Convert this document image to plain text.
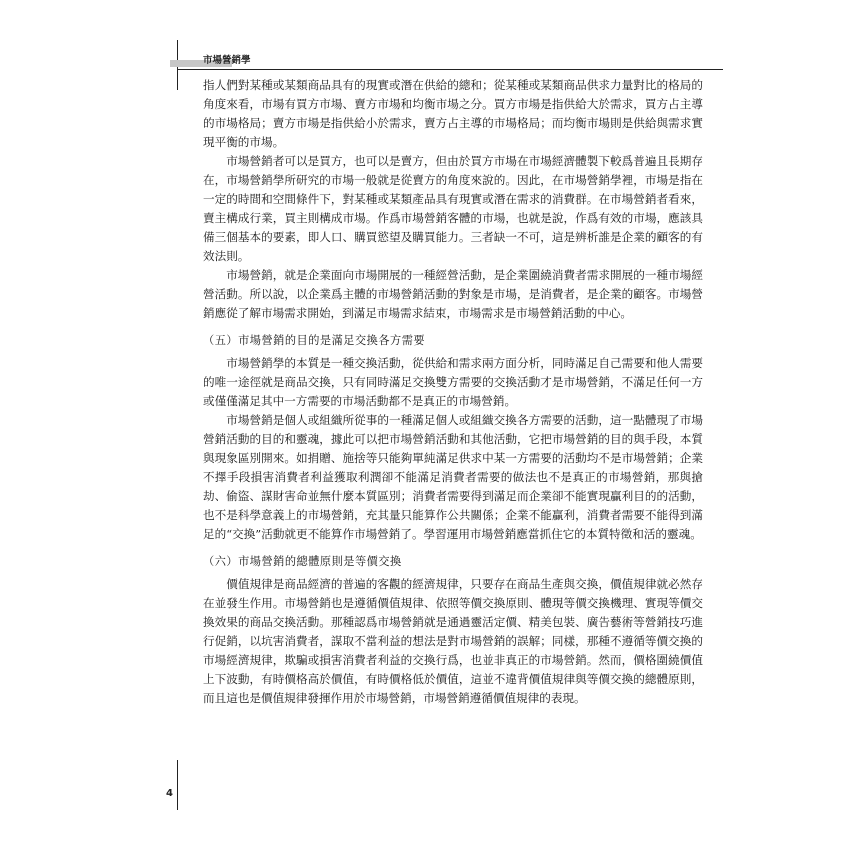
市場營銷學

指人們對某種或某類商品具有的現實或潛在供給的總和；從某種或某類商品供求力量對比的格局的角度來看，市場有買方市場、賣方市場和均衡市場之分。買方市場是指供給大於需求，買方占主導的市場格局；賣方市場是指供給小於需求，賣方占主導的市場格局；而均衡市場則是供給與需求實現平衡的市場。

市場營銷者可以是買方，也可以是賣方，但由於買方市場在市場經濟體製下較爲普遍且長期存在，市場營銷學所研究的市場一般就是從賣方的角度來說的。因此，在市場營銷學裡，市場是指在一定的時間和空間條件下，對某種或某類產品具有現實或潛在需求的消費群。在市場營銷者看來，賣主構成行業，買主則構成市場。作爲市場營銷客體的市場，也就是說，作爲有效的市場，應該具備三個基本的要素，即人口、購買慾望及購買能力。三者缺一不可，這是辨析誰是企業的顧客的有效法則。

市場營銷，就是企業面向市場開展的一種經營活動，是企業圍繞消費者需求開展的一種市場經營活動。所以說，以企業爲主體的市場營銷活動的對象是市場，是消費者，是企業的顧客。市場營銷應從了解市場需求開始，到滿足市場需求結束，市場需求是市場營銷活動的中心。

（五）市場營銷的目的是滿足交換各方需要

市場營銷學的本質是一種交換活動，從供給和需求兩方面分析，同時滿足自己需要和他人需要的唯一途徑就是商品交換，只有同時滿足交換雙方需要的交換活動才是市場營銷，不滿足任何一方或僅僅滿足其中一方需要的市場活動都不是真正的市場營銷。

市場營銷是個人或組織所從事的一種滿足個人或組織交換各方需要的活動，這一點體現了市場營銷活動的目的和靈魂，據此可以把市場營銷活動和其他活動，它把市場營銷的目的與手段，本質與現象區別開來。如捐贈、施捨等只能夠單純滿足供求中某一方需要的活動均不是市場營銷；企業不擇手段損害消費者利益獲取利潤卻不能滿足消費者需要的做法也不是真正的市場營銷，那與搶劫、偷盜、謀財害命並無什麼本質區別；消費者需要得到滿足而企業卻不能實現贏利目的的活動，也不是科學意義上的市場營銷，充其量只能算作公共關係；企業不能贏利，消費者需要不能得到滿足的“交換”活動就更不能算作市場營銷了。學習運用市場營銷應當抓住它的本質特徵和活的靈魂。

（六）市場營銷的總體原則是等價交換

價值規律是商品經濟的普遍的客觀的經濟規律，只要存在商品生產與交換，價值規律就必然存在並發生作用。市場營銷也是遵循價值規律、依照等價交換原則、體現等價交換機理、實現等價交換效果的商品交換活動。那種認爲市場營銷就是通過靈活定價、精美包裝、廣告藝術等營銷技巧進行促銷，以坑害消費者，謀取不當利益的想法是對市場營銷的誤解；同樣，那種不遵循等價交換的市場經濟規律，欺騙或損害消費者利益的交換行爲，也並非真正的市場營銷。然而，價格圍繞價值上下波動，有時價格高於價值，有時價格低於價值，這並不違背價值規律與等價交換的總體原則，而且這也是價值規律發揮作用於市場營銷，市場營銷遵循價值規律的表現。

4
